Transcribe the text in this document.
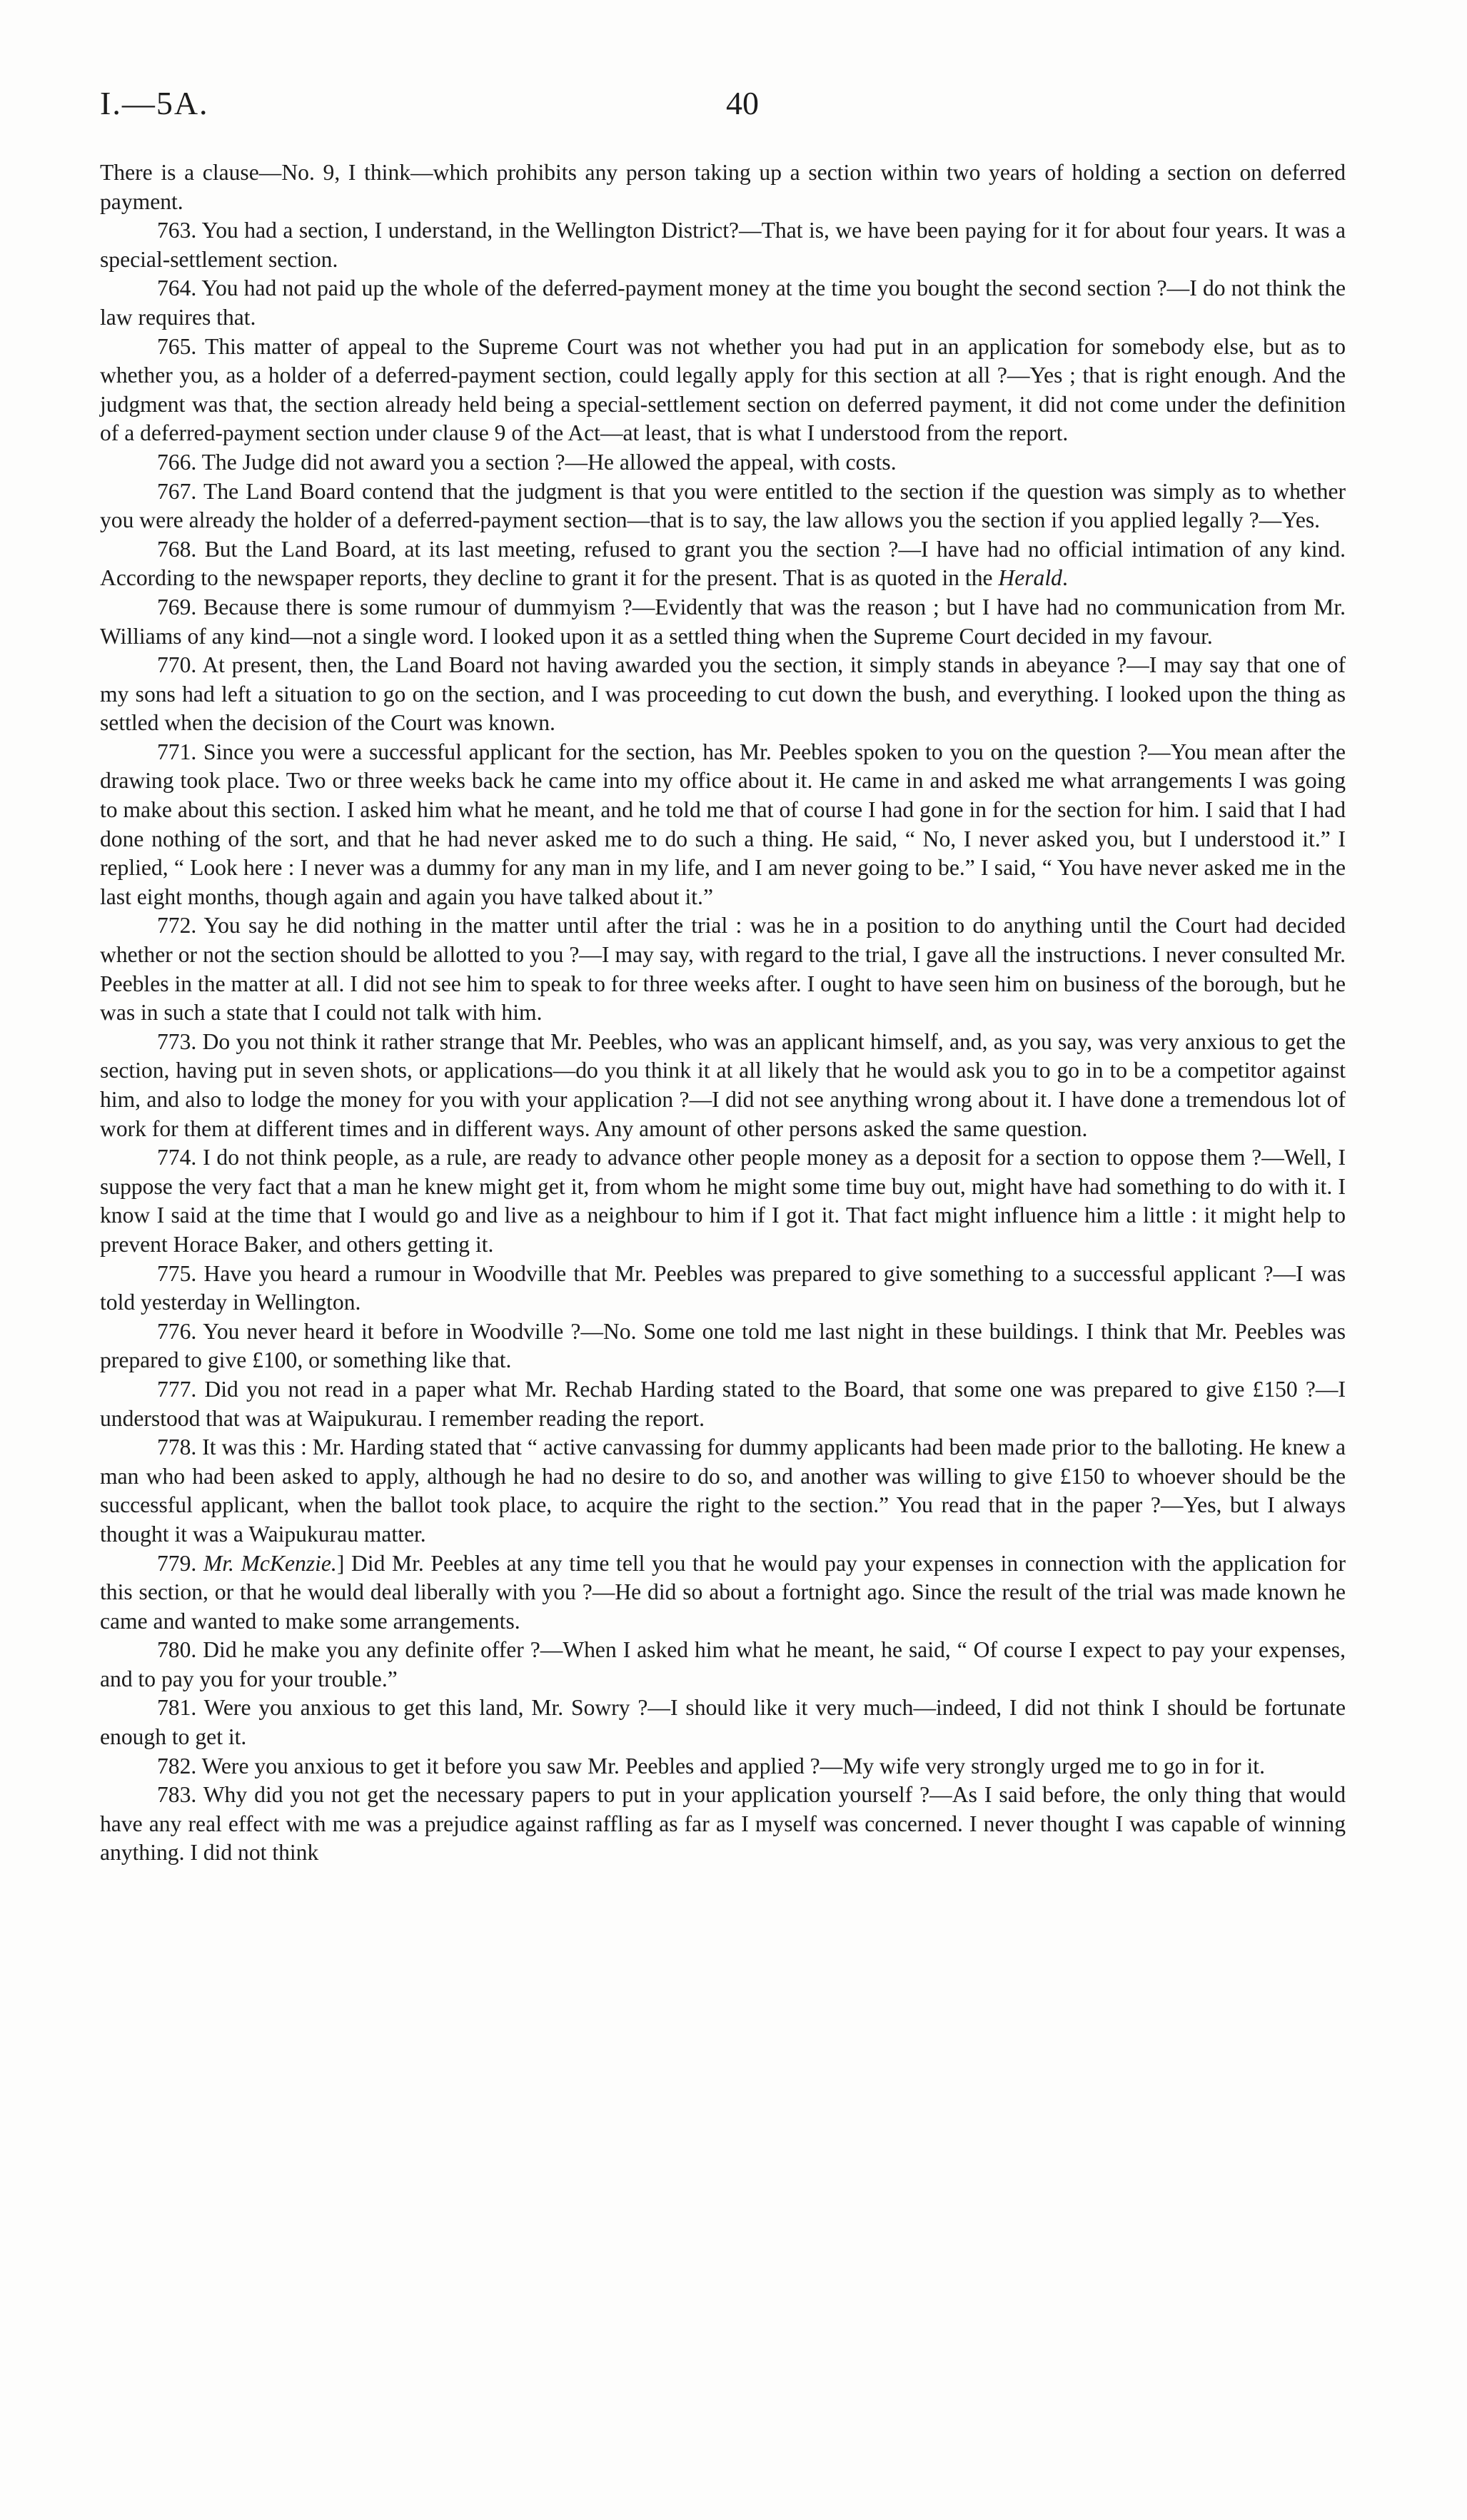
I.—5A.	40

There is a clause—No. 9, I think—which prohibits any person taking up a section within two years of holding a section on deferred payment.

763. You had a section, I understand, in the Wellington District?—That is, we have been paying for it for about four years. It was a special-settlement section.

764. You had not paid up the whole of the deferred-payment money at the time you bought the second section ?—I do not think the law requires that.

765. This matter of appeal to the Supreme Court was not whether you had put in an application for somebody else, but as to whether you, as a holder of a deferred-payment section, could legally apply for this section at all ?—Yes ; that is right enough. And the judgment was that, the section already held being a special-settlement section on deferred payment, it did not come under the definition of a deferred-payment section under clause 9 of the Act—at least, that is what I understood from the report.

766. The Judge did not award you a section ?—He allowed the appeal, with costs.

767. The Land Board contend that the judgment is that you were entitled to the section if the question was simply as to whether you were already the holder of a deferred-payment section—that is to say, the law allows you the section if you applied legally ?—Yes.

768. But the Land Board, at its last meeting, refused to grant you the section ?—I have had no official intimation of any kind. According to the newspaper reports, they decline to grant it for the present. That is as quoted in the Herald.

769. Because there is some rumour of dummyism ?—Evidently that was the reason ; but I have had no communication from Mr. Williams of any kind—not a single word. I looked upon it as a settled thing when the Supreme Court decided in my favour.

770. At present, then, the Land Board not having awarded you the section, it simply stands in abeyance ?—I may say that one of my sons had left a situation to go on the section, and I was proceeding to cut down the bush, and everything. I looked upon the thing as settled when the decision of the Court was known.

771. Since you were a successful applicant for the section, has Mr. Peebles spoken to you on the question ?—You mean after the drawing took place. Two or three weeks back he came into my office about it. He came in and asked me what arrangements I was going to make about this section. I asked him what he meant, and he told me that of course I had gone in for the section for him. I said that I had done nothing of the sort, and that he had never asked me to do such a thing. He said, “ No, I never asked you, but I understood it.” I replied, “ Look here : I never was a dummy for any man in my life, and I am never going to be.” I said, “ You have never asked me in the last eight months, though again and again you have talked about it.”

772. You say he did nothing in the matter until after the trial : was he in a position to do anything until the Court had decided whether or not the section should be allotted to you ?—I may say, with regard to the trial, I gave all the instructions. I never consulted Mr. Peebles in the matter at all. I did not see him to speak to for three weeks after. I ought to have seen him on business of the borough, but he was in such a state that I could not talk with him.

773. Do you not think it rather strange that Mr. Peebles, who was an applicant himself, and, as you say, was very anxious to get the section, having put in seven shots, or applications—do you think it at all likely that he would ask you to go in to be a competitor against him, and also to lodge the money for you with your application ?—I did not see anything wrong about it. I have done a tremendous lot of work for them at different times and in different ways. Any amount of other persons asked the same question.

774. I do not think people, as a rule, are ready to advance other people money as a deposit for a section to oppose them ?—Well, I suppose the very fact that a man he knew might get it, from whom he might some time buy out, might have had something to do with it. I know I said at the time that I would go and live as a neighbour to him if I got it. That fact might influence him a little : it might help to prevent Horace Baker, and others getting it.

775. Have you heard a rumour in Woodville that Mr. Peebles was prepared to give something to a successful applicant ?—I was told yesterday in Wellington.

776. You never heard it before in Woodville ?—No. Some one told me last night in these buildings. I think that Mr. Peebles was prepared to give £100, or something like that.

777. Did you not read in a paper what Mr. Rechab Harding stated to the Board, that some one was prepared to give £150 ?—I understood that was at Waipukurau. I remember reading the report.

778. It was this : Mr. Harding stated that “ active canvassing for dummy applicants had been made prior to the balloting. He knew a man who had been asked to apply, although he had no desire to do so, and another was willing to give £150 to whoever should be the successful applicant, when the ballot took place, to acquire the right to the section.” You read that in the paper ?—Yes, but I always thought it was a Waipukurau matter.

779. Mr. McKenzie.] Did Mr. Peebles at any time tell you that he would pay your expenses in connection with the application for this section, or that he would deal liberally with you ?—He did so about a fortnight ago. Since the result of the trial was made known he came and wanted to make some arrangements.

780. Did he make you any definite offer ?—When I asked him what he meant, he said, “ Of course I expect to pay your expenses, and to pay you for your trouble.”

781. Were you anxious to get this land, Mr. Sowry ?—I should like it very much—indeed, I did not think I should be fortunate enough to get it.

782. Were you anxious to get it before you saw Mr. Peebles and applied ?—My wife very strongly urged me to go in for it.

783. Why did you not get the necessary papers to put in your application yourself ?—As I said before, the only thing that would have any real effect with me was a prejudice against raffling as far as I myself was concerned. I never thought I was capable of winning anything. I did not think
